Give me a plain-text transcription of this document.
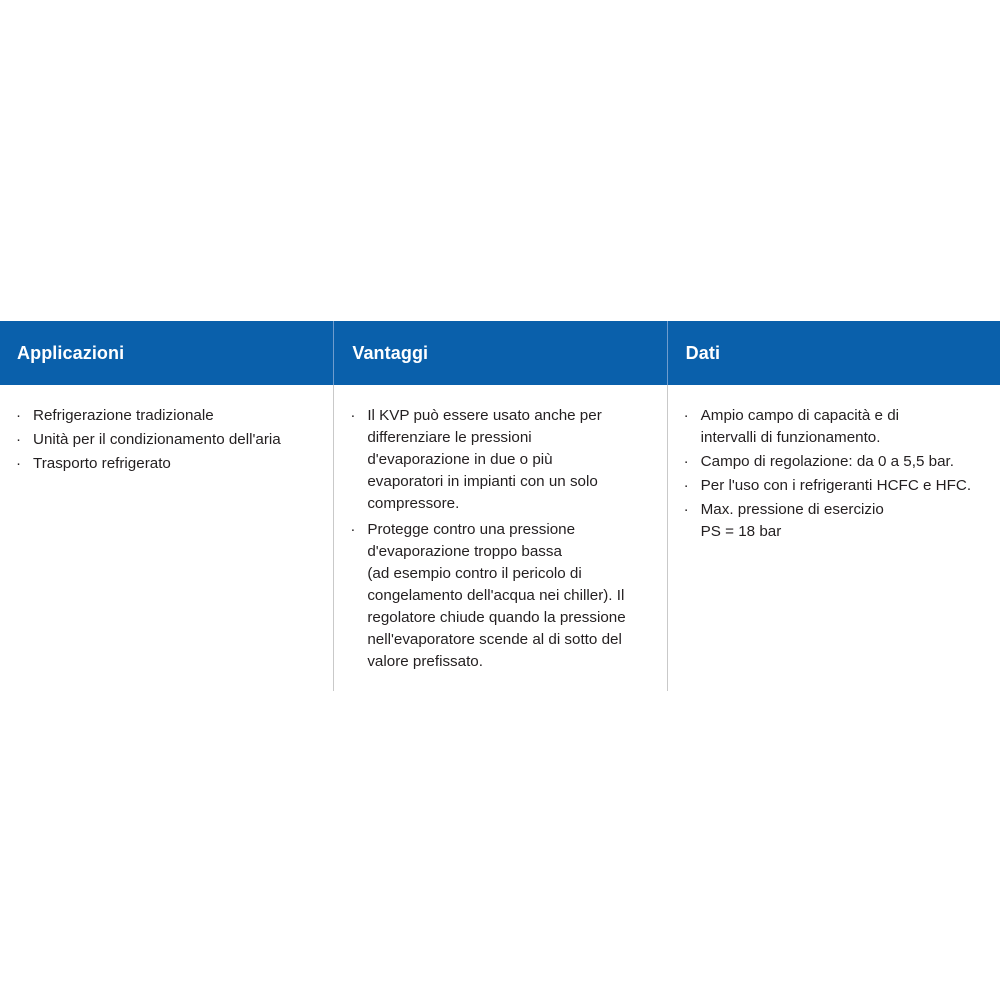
Applicazioni
· Refrigerazione tradizionale
· Unità per il condizionamento dell'aria
· Trasporto refrigerato
Vantaggi
· Il KVP può essere usato anche per
differenziare le pressioni
d'evaporazione in due o più
evaporatori in impianti con un solo
compressore.
· Protegge contro una pressione
d'evaporazione troppo bassa
(ad esempio contro il pericolo di
congelamento dell'acqua nei chiller). Il
regolatore chiude quando la pressione
nell'evaporatore scende al di sotto del
valore prefissato.
Dati
· Ampio campo di capacità e di
intervalli di funzionamento.
· Campo di regolazione: da 0 a 5,5 bar.
· Per l'uso con i refrigeranti HCFC e HFC.
· Max. pressione di esercizio
PS = 18 bar
